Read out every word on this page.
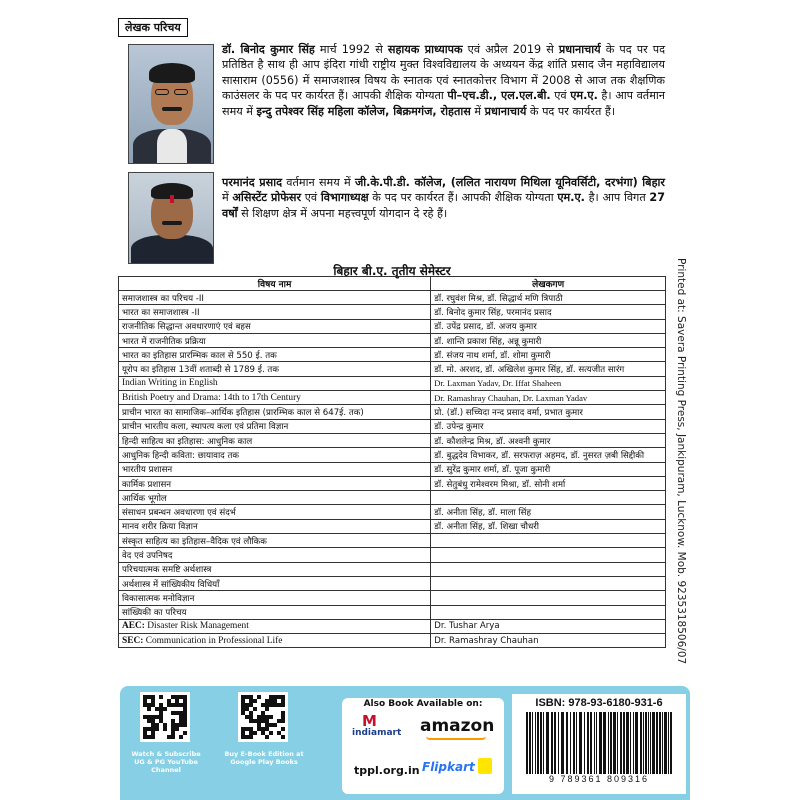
लेखक परिचय
डॉ. बिनोद कुमार सिंह मार्च 1992 से सहायक प्राध्यापक एवं अप्रैल 2019 से प्रधानाचार्य के पद पर पद प्रतिष्ठित है साथ ही आप इंदिरा गांधी राष्ट्रीय मुक्त विश्वविद्यालय के अध्ययन केंद्र शांति प्रसाद जैन महाविद्यालय सासाराम (0556) में समाजशास्त्र विषय के स्नातक एवं स्नातकोत्तर विभाग में 2008 से आज तक शैक्षणिक काउंसलर के पद पर कार्यरत हैं। आपकी शैक्षिक योग्यता पी–एच.डी., एल.एल.बी. एवं एम.ए. है। आप वर्तमान समय में इन्दु तपेश्वर सिंह महिला कॉलेज, बिक्रमगंज, रोहतास में प्रधानाचार्य के पद पर कार्यरत हैं।
परमानंद प्रसाद वर्तमान समय में जी.के.पी.डी. कॉलेज, (ललित नारायण मिथिला यूनिवर्सिटी, दरभंगा) बिहार में असिस्टेंट प्रोफेसर एवं विभागाध्यक्ष के पद पर कार्यरत हैं। आपकी शैक्षिक योग्यता एम.ए. है। आप विगत 27 वर्षों से शिक्षण क्षेत्र में अपना महत्त्वपूर्ण योगदान दे रहे हैं।
Printed at: Savera Printing Press, Jankipuram, Lucknow. Mob. 9235318506/07
बिहार बी.ए. तृतीय सेमेस्टर
विषय नाम	लेखकगण
समाजशास्त्र का परिचय -II	डॉ. रघुवंश मिश्र, डॉ. सिद्धार्थ मणि त्रिपाठी
भारत का समाजशास्त्र -II	डॉ. बिनोद कुमार सिंह, परमानंद प्रसाद
राजनीतिक सिद्धान्त अवधारणाएं एवं बहस	डॉ. उपेंद्र प्रसाद, डॉ. अजय कुमार
भारत में राजनीतिक प्रक्रिया	डॉ. शान्ति प्रकाश सिंह, अन्नू कुमारी
भारत का इतिहास प्रारम्भिक काल से 550 ई. तक	डॉ. संजय नाथ शर्मा, डॉ. शोमा कुमारी
यूरोप का इतिहास 13वीं शताब्दी से 1789 ई. तक	डॉ. मो. अरशद, डॉ. अखिलेश कुमार सिंह, डॉ. सत्यजीत सारंग
Indian Writing in English	Dr. Laxman Yadav, Dr. Iffat Shaheen
British Poetry and Drama: 14th to 17th Century	Dr. Ramashray Chauhan, Dr. Laxman Yadav
प्राचीन भारत का सामाजिक–आर्थिक इतिहास (प्रारम्भिक काल से 647ई. तक)	प्रो. (डॉ.) सच्चिदा नन्द प्रसाद वर्मा, प्रभात कुमार
प्राचीन भारतीय कला, स्थापत्य कला एवं प्रतिमा विज्ञान	डॉ. उपेन्द्र कुमार
हिन्दी साहित्य का इतिहास: आधुनिक काल	डॉ. कौशलेन्द्र मिश्र, डॉ. अश्वनी कुमार
आधुनिक हिन्दी कविता: छायावाद तक	डॉ. बुद्धदेव विभाकर, डॉ. सरफराज़ अहमद, डॉ. नुसरत ज़बी सिद्दीकी
भारतीय प्रशासन	डॉ. सुरेंद्र कुमार शर्मा, डॉ. पूजा कुमारी
कार्मिक प्रशासन	डॉ. सेतुबंधु रामेश्वरम मिश्रा, डॉ. सोनी शर्मा
आर्थिक भूगोल	
संसाधन प्रबन्धन अवधारणा एवं संदर्भ	डॉ. अनीता सिंह, डॉ. माला सिंह
मानव शरीर क्रिया विज्ञान	डॉ. अनीता सिंह, डॉ. शिखा चौधरी
संस्कृत साहित्य का इतिहास–वैदिक एवं लौकिक	
वेद एवं उपनिषद	
परिचयात्मक समष्टि अर्थशास्त्र	
अर्थशास्त्र में सांख्यिकीय विधियाँ	
विकासात्मक मनोविज्ञान	
सांख्यिकी का परिचय	
AEC: Disaster Risk Management	Dr. Tushar Arya
SEC: Communication in Professional Life	Dr. Ramashray Chauhan
Watch & Subscribe UG & PG YouTube Channel
Buy E-Book Edition at Google Play Books
Also Book Available on:
M
indiamart amazon
tppl.org.in Flipkart
ISBN: 978-93-6180-931-6
9 789361 809316
